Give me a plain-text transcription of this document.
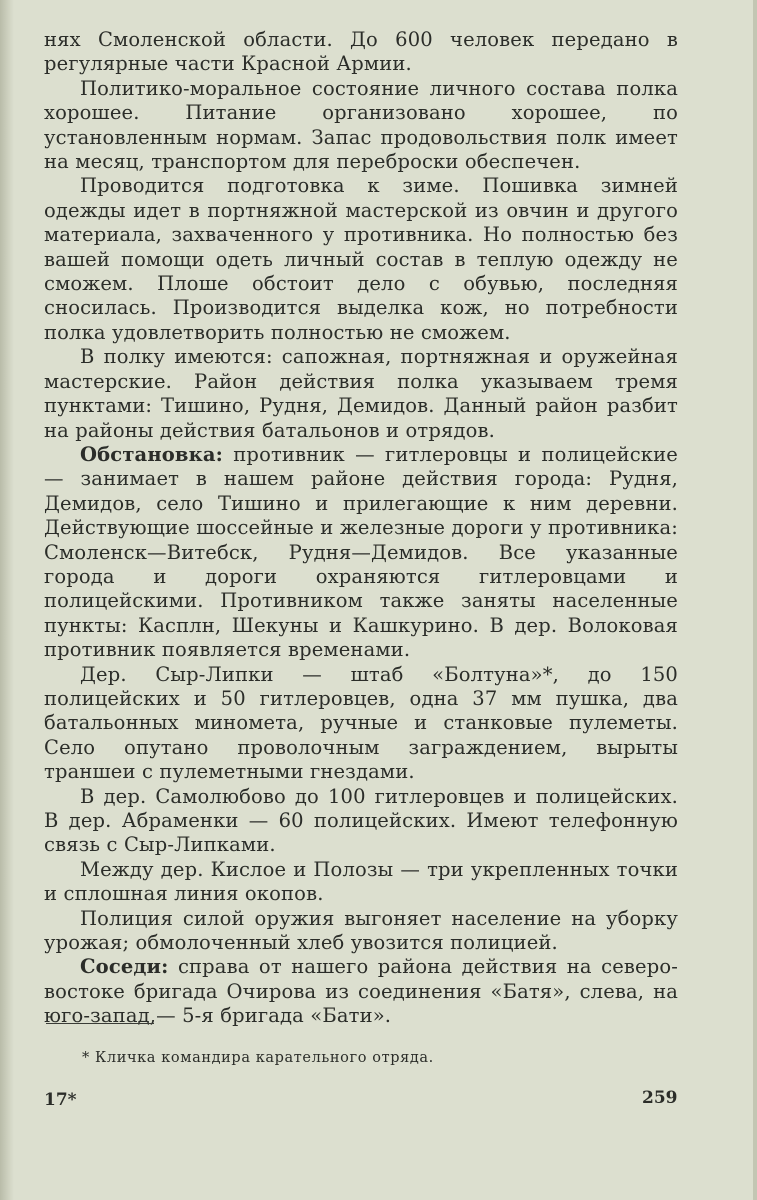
нях Смоленской области. До 600 человек передано в регулярные части Красной Армии.

Политико-моральное состояние личного состава полка хорошее. Питание организовано хорошее, по установленным нормам. Запас продовольствия полк имеет на месяц, транспортом для переброски обеспечен.

Проводится подготовка к зиме. Пошивка зимней одежды идет в портняжной мастерской из овчин и другого материала, захваченного у противника. Но полностью без вашей помощи одеть личный состав в теплую одежду не сможем. Плоше обстоит дело с обувью, последняя сносилась. Производится выделка кож, но потребности полка удовлетворить полностью не сможем.

В полку имеются: сапожная, портняжная и оружейная мастерские. Район действия полка указываем тремя пунктами: Тишино, Рудня, Демидов. Данный район разбит на районы действия батальонов и отрядов.

Обстановка: противник — гитлеровцы и полицейские — занимает в нашем районе действия города: Рудня, Демидов, село Тишино и прилегающие к ним деревни. Действующие шоссейные и железные дороги у противника: Смоленск—Витебск, Рудня—Демидов. Все указанные города и дороги охраняются гитлеровцами и полицейскими. Противником также заняты населенные пункты: Касплн, Шекуны и Кашкурино. В дер. Волоковая противник появляется временами.

Дер. Сыр-Липки — штаб «Болтуна»*, до 150 полицейских и 50 гитлеровцев, одна 37 мм пушка, два батальонных миномета, ручные и станковые пулеметы. Село опутано проволочным заграждением, вырыты траншеи с пулеметными гнездами.

В дер. Самолюбово до 100 гитлеровцев и полицейских. В дер. Абраменки — 60 полицейских. Имеют телефонную связь с Сыр-Липками.

Между дер. Кислое и Полозы — три укрепленных точки и сплошная линия окопов.

Полиция силой оружия выгоняет население на уборку урожая; обмолоченный хлеб увозится полицией.

Соседи: справа от нашего района действия на северо-востоке бригада Очирова из соединения «Батя», слева, на юго-запад,— 5-я бригада «Бати».

* Кличка командира карательного отряда.
17*	259
